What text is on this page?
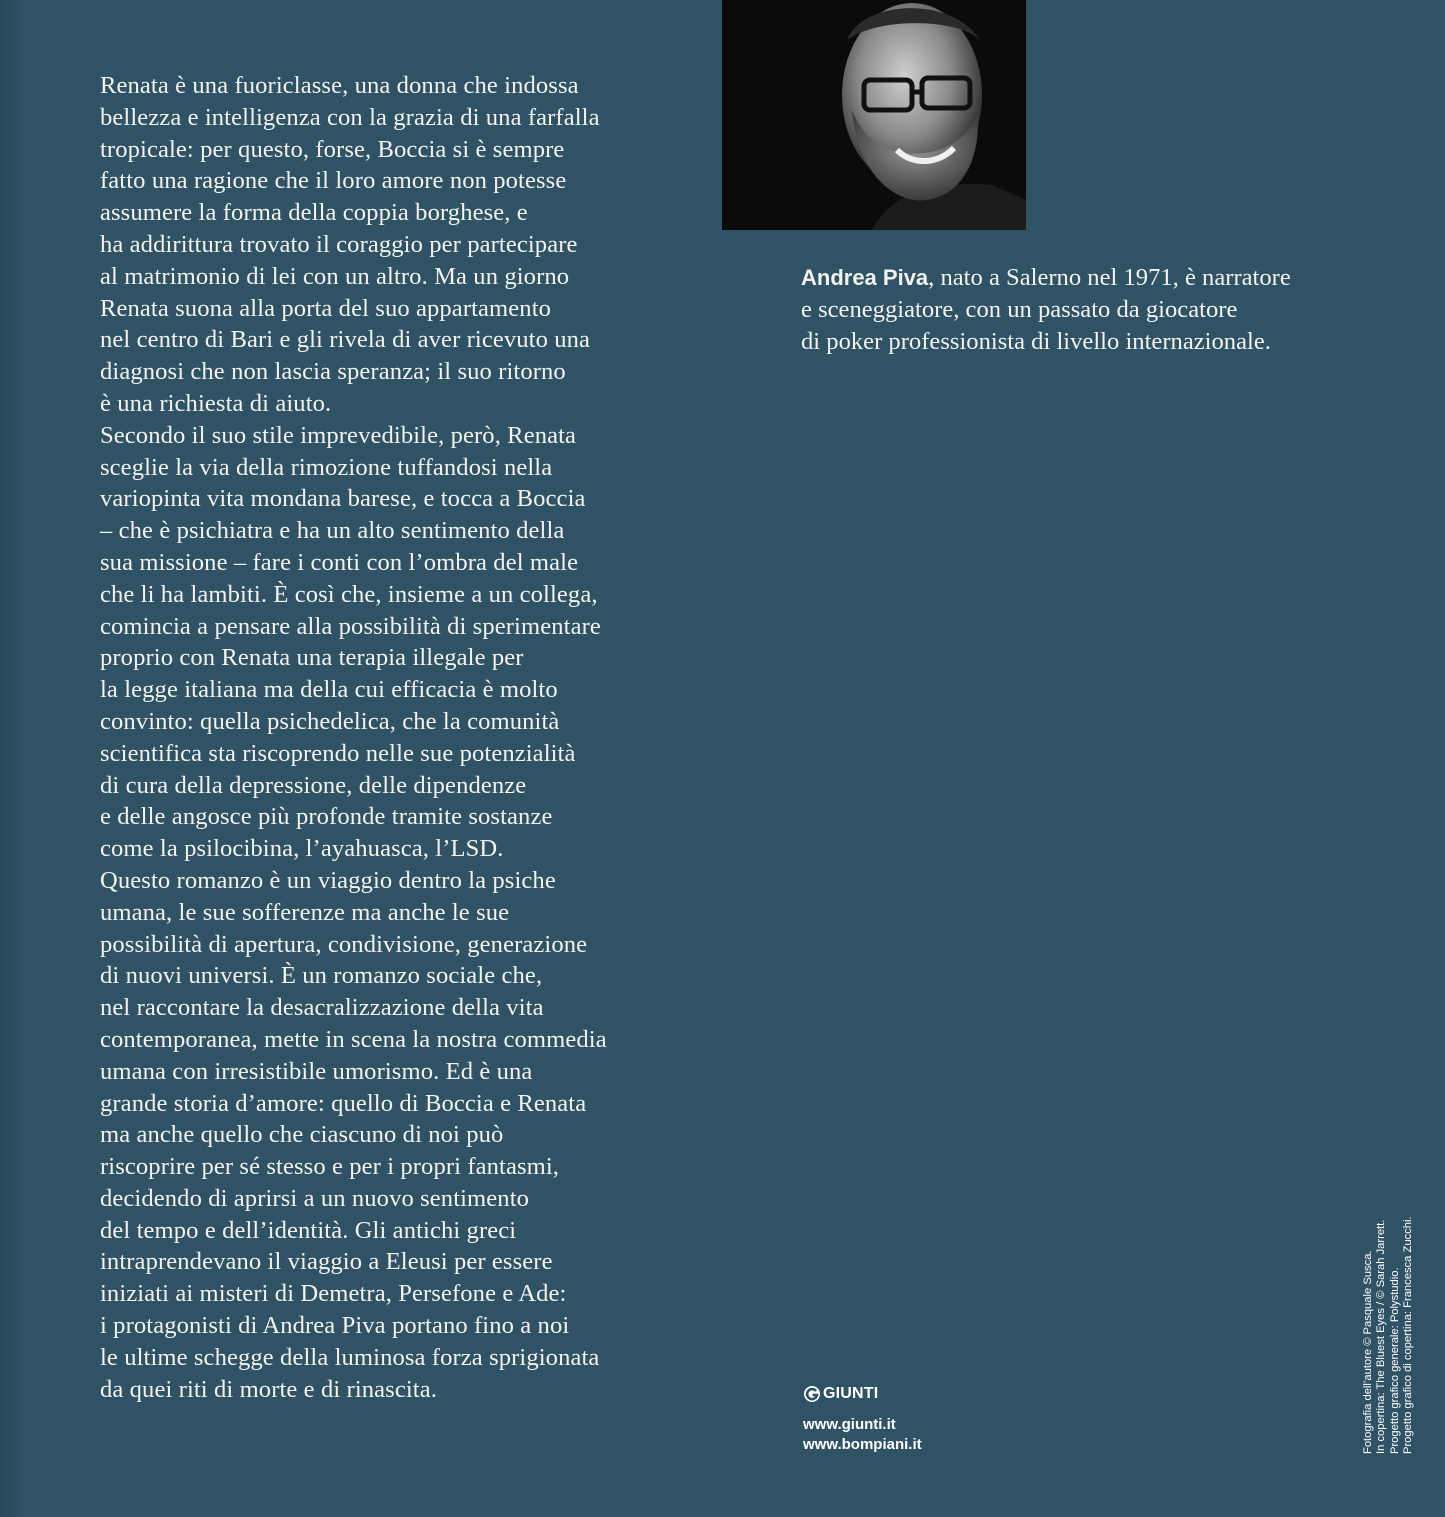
Renata è una fuoriclasse, una donna che indossa
bellezza e intelligenza con la grazia di una farfalla
tropicale: per questo, forse, Boccia si è sempre
fatto una ragione che il loro amore non potesse
assumere la forma della coppia borghese, e
ha addirittura trovato il coraggio per partecipare
al matrimonio di lei con un altro. Ma un giorno
Renata suona alla porta del suo appartamento
nel centro di Bari e gli rivela di aver ricevuto una
diagnosi che non lascia speranza; il suo ritorno
è una richiesta di aiuto.
Secondo il suo stile imprevedibile, però, Renata
sceglie la via della rimozione tuffandosi nella
variopinta vita mondana barese, e tocca a Boccia
– che è psichiatra e ha un alto sentimento della
sua missione – fare i conti con l’ombra del male
che li ha lambiti. È così che, insieme a un collega,
comincia a pensare alla possibilità di sperimentare
proprio con Renata una terapia illegale per
la legge italiana ma della cui efficacia è molto
convinto: quella psichedelica, che la comunità
scientifica sta riscoprendo nelle sue potenzialità
di cura della depressione, delle dipendenze
e delle angosce più profonde tramite sostanze
come la psilocibina, l’ayahuasca, l’LSD.
Questo romanzo è un viaggio dentro la psiche
umana, le sue sofferenze ma anche le sue
possibilità di apertura, condivisione, generazione
di nuovi universi. È un romanzo sociale che,
nel raccontare la desacralizzazione della vita
contemporanea, mette in scena la nostra commedia
umana con irresistibile umorismo. Ed è una
grande storia d’amore: quello di Boccia e Renata
ma anche quello che ciascuno di noi può
riscoprire per sé stesso e per i propri fantasmi,
decidendo di aprirsi a un nuovo sentimento
del tempo e dell’identità. Gli antichi greci
intraprendevano il viaggio a Eleusi per essere
iniziati ai misteri di Demetra, Persefone e Ade:
i protagonisti di Andrea Piva portano fino a noi
le ultime schegge della luminosa forza sprigionata
da quei riti di morte e di rinascita.
Andrea Piva, nato a Salerno nel 1971, è narratore
e sceneggiatore, con un passato da giocatore
di poker professionista di livello internazionale.
GIUNTI
www.giunti.it
www.bompiani.it	Fotografia dell’autore © Pasquale Susca. In copertina: The Bluest Eyes / © Sarah Jarrett. Progetto grafico generale: Polystudio. Progetto grafico di copertina: Francesca Zucchi.
